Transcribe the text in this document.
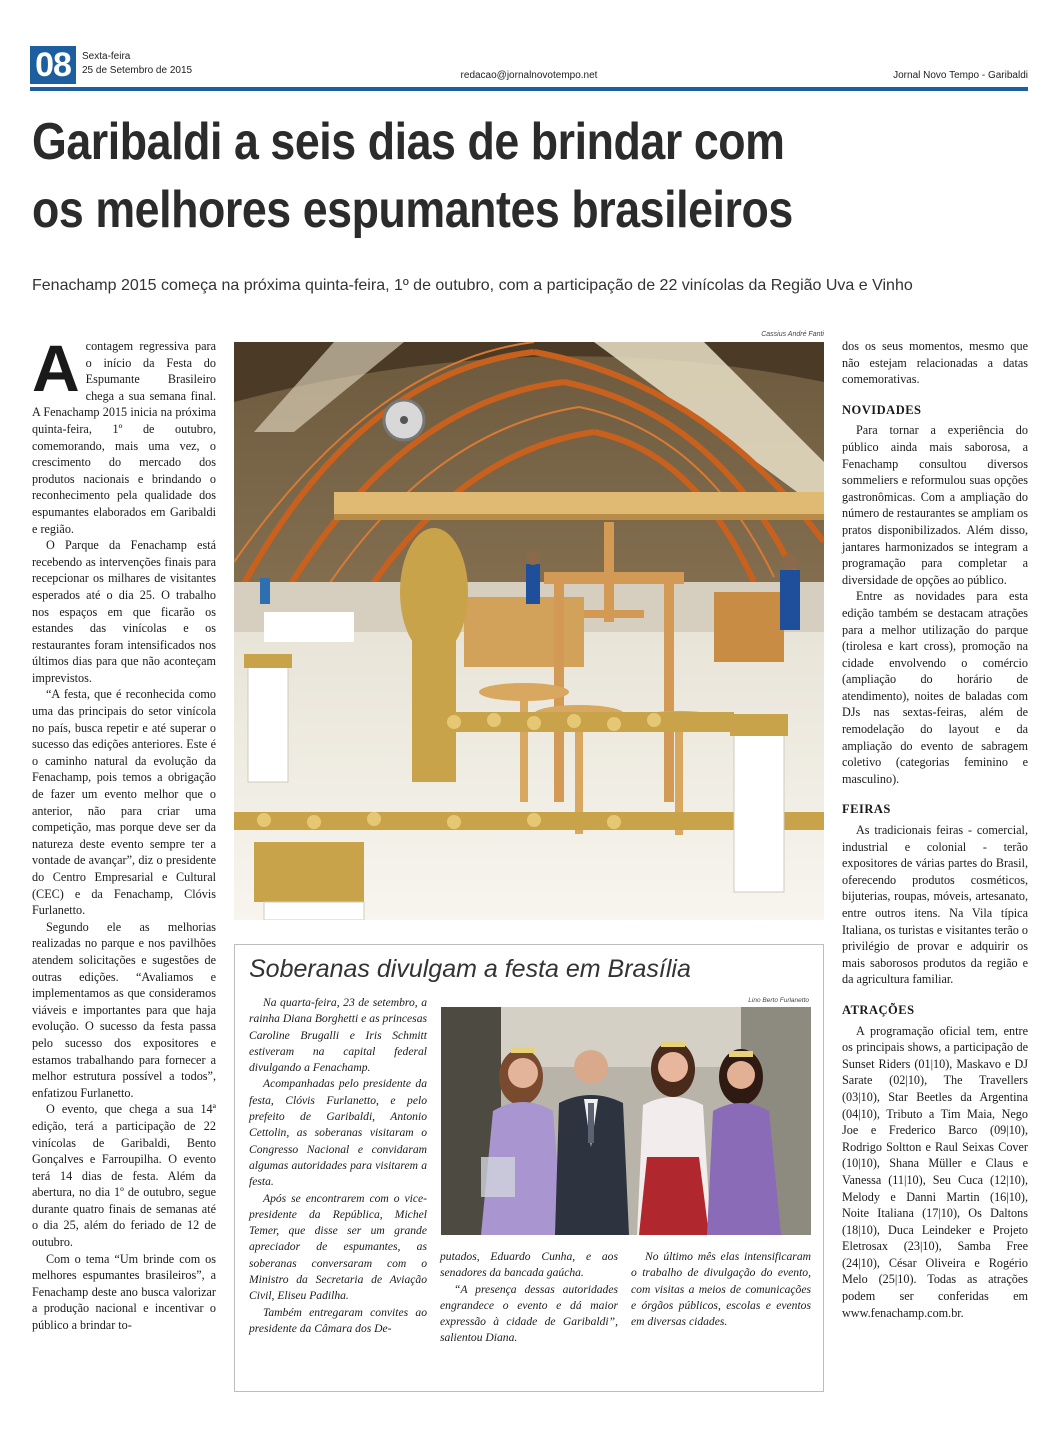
08	Sexta-feira
25 de Setembro de 2015	redacao@jornalnovotempo.net	Jornal Novo Tempo - Garibaldi
Garibaldi a seis dias de brindar com
os melhores espumantes brasileiros
Fenachamp 2015 começa na próxima quinta-feira, 1º de outubro, com a participação de 22 vinícolas da Região Uva e Vinho

Acontagem regressiva para o início da Festa do Espumante Brasileiro chega a sua semana final. A Fenachamp 2015 inicia na próxima quinta-feira, 1º de outubro, comemorando, mais uma vez, o crescimento do mercado dos produtos nacionais e brindando o reconhecimento pela qualidade dos espumantes elaborados em Garibaldi e região.

O Parque da Fenachamp está recebendo as intervenções finais para recepcionar os milhares de visitantes esperados até o dia 25. O trabalho nos espaços em que ficarão os estandes das vinícolas e os restaurantes foram intensificados nos últimos dias para que não aconteçam imprevistos.

“A festa, que é reconhecida como uma das principais do setor vinícola no país, busca repetir e até superar o sucesso das edições anteriores. Este é o caminho natural da evolução da Fenachamp, pois temos a obrigação de fazer um evento melhor que o anterior, não para criar uma competição, mas porque deve ser da natureza deste evento sempre ter a vontade de avançar”, diz o presidente do Centro Empresarial e Cultural (CEC) e da Fenachamp, Clóvis Furlanetto.

Segundo ele as melhorias realizadas no parque e nos pavilhões atendem solicitações e sugestões de outras edições. “Avaliamos e implementamos as que consideramos viáveis e importantes para que haja evolução. O sucesso da festa passa pelo sucesso dos expositores e estamos trabalhando para fornecer a melhor estrutura possível a todos”, enfatizou Furlanetto.

O evento, que chega a sua 14ª edição, terá a participação de 22 vinícolas de Garibaldi, Bento Gonçalves e Farroupilha. O evento terá 14 dias de festa. Além da abertura, no dia 1º de outubro, segue durante quatro finais de semanas até o dia 25, além do feriado de 12 de outubro.

Com o tema “Um brinde com os melhores espumantes brasileiros”, a Fenachamp deste ano busca valorizar a produção nacional e incentivar o público a brindar to-

Cassius André Fanti

dos os seus momentos, mesmo que não estejam relacionadas a datas comemorativas.

NOVIDADES

Para tornar a experiência do público ainda mais saborosa, a Fenachamp consultou diversos sommeliers e reformulou suas opções gastronômicas. Com a ampliação do número de restaurantes se ampliam os pratos disponibilizados. Além disso, jantares harmonizados se integram a programação para completar a diversidade de opções ao público.

Entre as novidades para esta edição também se destacam atrações para a melhor utilização do parque (tirolesa e kart cross), promoção na cidade envolvendo o comércio (ampliação do horário de atendimento), noites de baladas com DJs nas sextas-feiras, além de remodelação do layout e da ampliação do evento de sabragem coletivo (categorias feminino e masculino).

FEIRAS

As tradicionais feiras - comercial, industrial e colonial - terão expositores de várias partes do Brasil, oferecendo produtos cosméticos, bijuterias, roupas, móveis, artesanato, entre outros itens. Na Vila típica Italiana, os turistas e visitantes terão o privilégio de provar e adquirir os mais saborosos produtos da região e da agricultura familiar.

ATRAÇÕES

A programação oficial tem, entre os principais shows, a participação de Sunset Riders (01|10), Maskavo e DJ Sarate (02|10), The Travellers (03|10), Star Beetles da Argentina (04|10), Tributo a Tim Maia, Nego Joe e Frederico Barco (09|10), Rodrigo Soltton e Raul Seixas Cover (10|10), Shana Müller e Claus e Vanessa (11|10), Seu Cuca (12|10), Melody e Danni Martin (16|10), Noite Italiana (17|10), Os Daltons (18|10), Duca Leindeker e Projeto Eletrosax (23|10), Samba Free (24|10), César Oliveira e Rogério Melo (25|10). Todas as atrações podem ser conferidas em www.fenachamp.com.br.

Soberanas divulgam a festa em Brasília

Na quarta-feira, 23 de setembro, a rainha Diana Borghetti e as princesas Caroline Brugalli e Iris Schmitt estiveram na capital federal divulgando a Fenachamp.

Acompanhadas pelo presidente da festa, Clóvis Furlanetto, e pelo prefeito de Garibaldi, Antonio Cettolin, as soberanas visitaram o Congresso Nacional e convidaram algumas autoridades para visitarem a festa.

Após se encontrarem com o vice-presidente da República, Michel Temer, que disse ser um grande apreciador de espumantes, as soberanas conversaram com o Ministro da Secretaria de Aviação Civil, Eliseu Padilha.

Também entregaram convites ao presidente da Câmara dos De-

Lino Berto Furlanetto

putados, Eduardo Cunha, e aos senadores da bancada gaúcha.

“A presença dessas autoridades engrandece o evento e dá maior expressão à cidade de Garibaldi”, salientou Diana.

No último mês elas intensificaram o trabalho de divulgação do evento, com visitas a meios de comunicações e órgãos públicos, escolas e eventos em diversas cidades.
